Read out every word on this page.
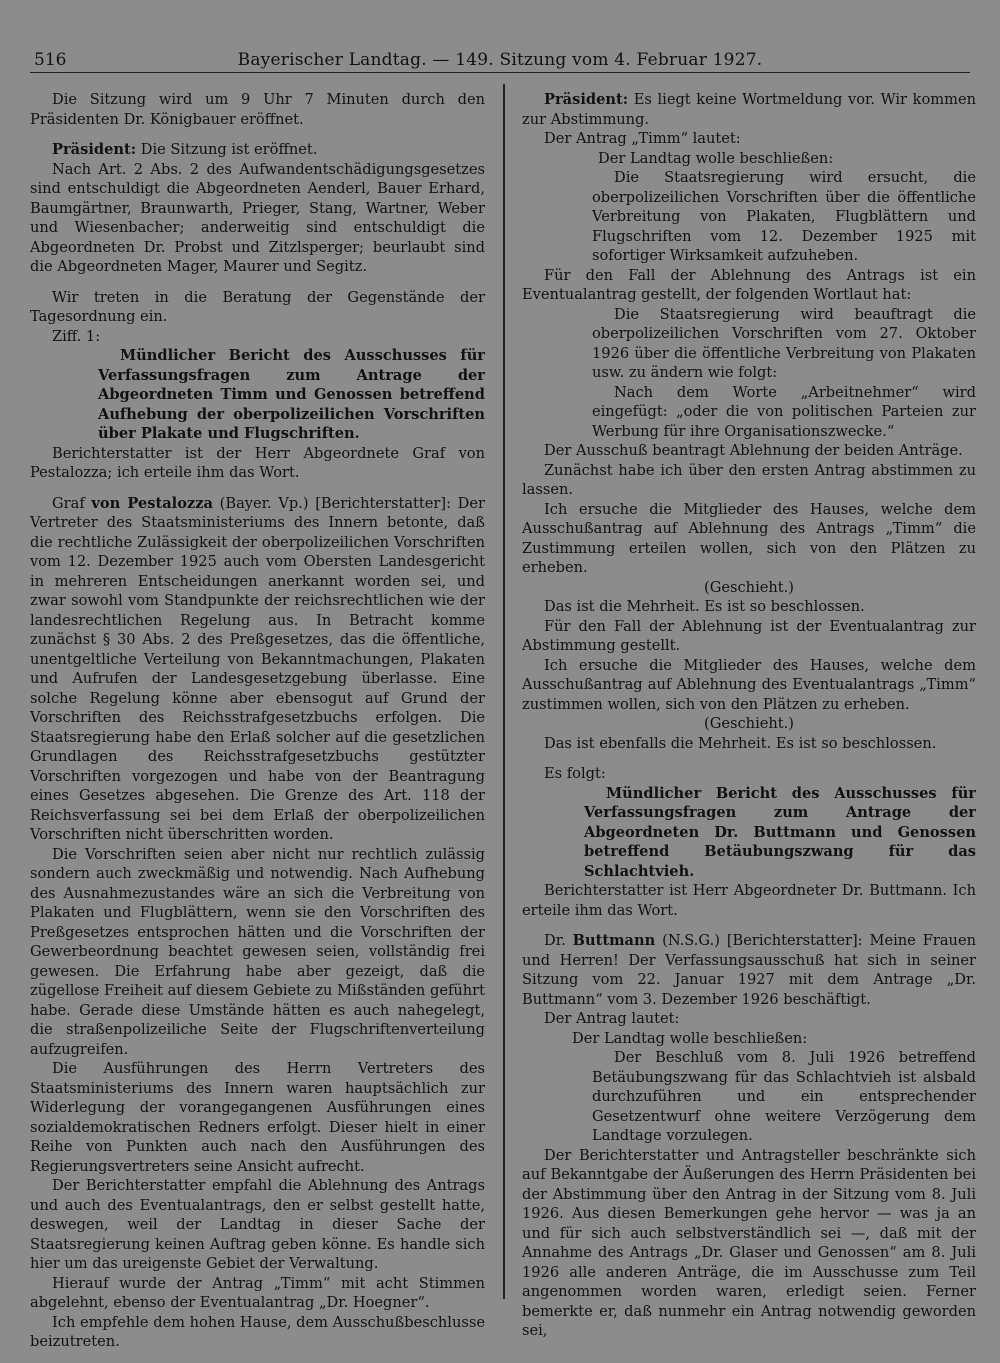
516	Bayerischer Landtag. — 149. Sitzung vom 4. Februar 1927.

Die Sitzung wird um 9 Uhr 7 Minuten durch den Präsidenten Dr. Königbauer eröffnet.

Präsident: Die Sitzung ist eröffnet.

Nach Art. 2 Abs. 2 des Aufwandentschädigungsgesetzes sind entschuldigt die Abgeordneten Aenderl, Bauer Erhard, Baumgärtner, Braunwarth, Prieger, Stang, Wartner, Weber und Wiesenbacher; anderweitig sind entschuldigt die Abgeordneten Dr. Probst und Zitzlsperger; beurlaubt sind die Abgeordneten Mager, Maurer und Segitz.

Wir treten in die Beratung der Gegenstände der Tagesordnung ein.

Ziff. 1:

Mündlicher Bericht des Ausschusses für Verfassungsfragen zum Antrage der Abgeordneten Timm und Genossen betreffend Aufhebung der oberpolizeilichen Vorschriften über Plakate und Flugschriften.

Berichterstatter ist der Herr Abgeordnete Graf von Pestalozza; ich erteile ihm das Wort.

Graf von Pestalozza (Bayer. Vp.) [Berichterstatter]: Der Vertreter des Staatsministeriums des Innern betonte, daß die rechtliche Zulässigkeit der oberpolizeilichen Vorschriften vom 12. Dezember 1925 auch vom Obersten Landesgericht in mehreren Entscheidungen anerkannt worden sei, und zwar sowohl vom Standpunkte der reichsrechtlichen wie der landesrechtlichen Regelung aus. In Betracht komme zunächst § 30 Abs. 2 des Preßgesetzes, das die öffentliche, unentgeltliche Verteilung von Bekanntmachungen, Plakaten und Aufrufen der Landesgesetzgebung überlasse. Eine solche Regelung könne aber ebensogut auf Grund der Vorschriften des Reichsstrafgesetzbuchs erfolgen. Die Staatsregierung habe den Erlaß solcher auf die gesetzlichen Grundlagen des Reichsstrafgesetzbuchs gestützter Vorschriften vorgezogen und habe von der Beantragung eines Gesetzes abgesehen. Die Grenze des Art. 118 der Reichsverfassung sei bei dem Erlaß der oberpolizeilichen Vorschriften nicht überschritten worden.

Die Vorschriften seien aber nicht nur rechtlich zulässig sondern auch zweckmäßig und notwendig. Nach Aufhebung des Ausnahmezustandes wäre an sich die Verbreitung von Plakaten und Flugblättern, wenn sie den Vorschriften des Preßgesetzes entsprochen hätten und die Vorschriften der Gewerbeordnung beachtet gewesen seien, vollständig frei gewesen. Die Erfahrung habe aber gezeigt, daß die zügellose Freiheit auf diesem Gebiete zu Mißständen geführt habe. Gerade diese Umstände hätten es auch nahegelegt, die straßenpolizeiliche Seite der Flugschriftenverteilung aufzugreifen.

Die Ausführungen des Herrn Vertreters des Staatsministeriums des Innern waren hauptsächlich zur Widerlegung der vorangegangenen Ausführungen eines sozialdemokratischen Redners erfolgt. Dieser hielt in einer Reihe von Punkten auch nach den Ausführungen des Regierungsvertreters seine Ansicht aufrecht.

Der Berichterstatter empfahl die Ablehnung des Antrags und auch des Eventualantrags, den er selbst gestellt hatte, deswegen, weil der Landtag in dieser Sache der Staatsregierung keinen Auftrag geben könne. Es handle sich hier um das ureigenste Gebiet der Verwaltung.

Hierauf wurde der Antrag „Timm“ mit acht Stimmen abgelehnt, ebenso der Eventualantrag „Dr. Hoegner“.

Ich empfehle dem hohen Hause, dem Ausschußbeschlusse beizutreten.

Präsident: Es liegt keine Wortmeldung vor. Wir kommen zur Abstimmung.

Der Antrag „Timm“ lautet:

Der Landtag wolle beschließen:

Die Staatsregierung wird ersucht, die oberpolizeilichen Vorschriften über die öffentliche Verbreitung von Plakaten, Flugblättern und Flugschriften vom 12. Dezember 1925 mit sofortiger Wirksamkeit aufzuheben.

Für den Fall der Ablehnung des Antrags ist ein Eventualantrag gestellt, der folgenden Wortlaut hat:

Die Staatsregierung wird beauftragt die oberpolizeilichen Vorschriften vom 27. Oktober 1926 über die öffentliche Verbreitung von Plakaten usw. zu ändern wie folgt:

Nach dem Worte „Arbeitnehmer“ wird eingefügt: „oder die von politischen Parteien zur Werbung für ihre Organisationszwecke.“

Der Ausschuß beantragt Ablehnung der beiden Anträge.

Zunächst habe ich über den ersten Antrag abstimmen zu lassen.

Ich ersuche die Mitglieder des Hauses, welche dem Ausschußantrag auf Ablehnung des Antrags „Timm“ die Zustimmung erteilen wollen, sich von den Plätzen zu erheben.

(Geschieht.)

Das ist die Mehrheit. Es ist so beschlossen.

Für den Fall der Ablehnung ist der Eventualantrag zur Abstimmung gestellt.

Ich ersuche die Mitglieder des Hauses, welche dem Ausschußantrag auf Ablehnung des Eventualantrags „Timm“ zustimmen wollen, sich von den Plätzen zu erheben.

(Geschieht.)

Das ist ebenfalls die Mehrheit. Es ist so beschlossen.

Es folgt:

Mündlicher Bericht des Ausschusses für Verfassungsfragen zum Antrage der Abgeordneten Dr. Buttmann und Genossen betreffend Betäubungszwang für das Schlachtvieh.

Berichterstatter ist Herr Abgeordneter Dr. Buttmann. Ich erteile ihm das Wort.

Dr. Buttmann (N.S.G.) [Berichterstatter]: Meine Frauen und Herren! Der Verfassungsausschuß hat sich in seiner Sitzung vom 22. Januar 1927 mit dem Antrage „Dr. Buttmann“ vom 3. Dezember 1926 beschäftigt.

Der Antrag lautet:

Der Landtag wolle beschließen:

Der Beschluß vom 8. Juli 1926 betreffend Betäubungszwang für das Schlachtvieh ist alsbald durchzuführen und ein entsprechender Gesetzentwurf ohne weitere Verzögerung dem Landtage vorzulegen.

Der Berichterstatter und Antragsteller beschränkte sich auf Bekanntgabe der Äußerungen des Herrn Präsidenten bei der Abstimmung über den Antrag in der Sitzung vom 8. Juli 1926. Aus diesen Bemerkungen gehe hervor — was ja an und für sich auch selbstverständlich sei —, daß mit der Annahme des Antrags „Dr. Glaser und Genossen“ am 8. Juli 1926 alle anderen Anträge, die im Ausschusse zum Teil angenommen worden waren, erledigt seien. Ferner bemerkte er, daß nunmehr ein Antrag notwendig geworden sei,
